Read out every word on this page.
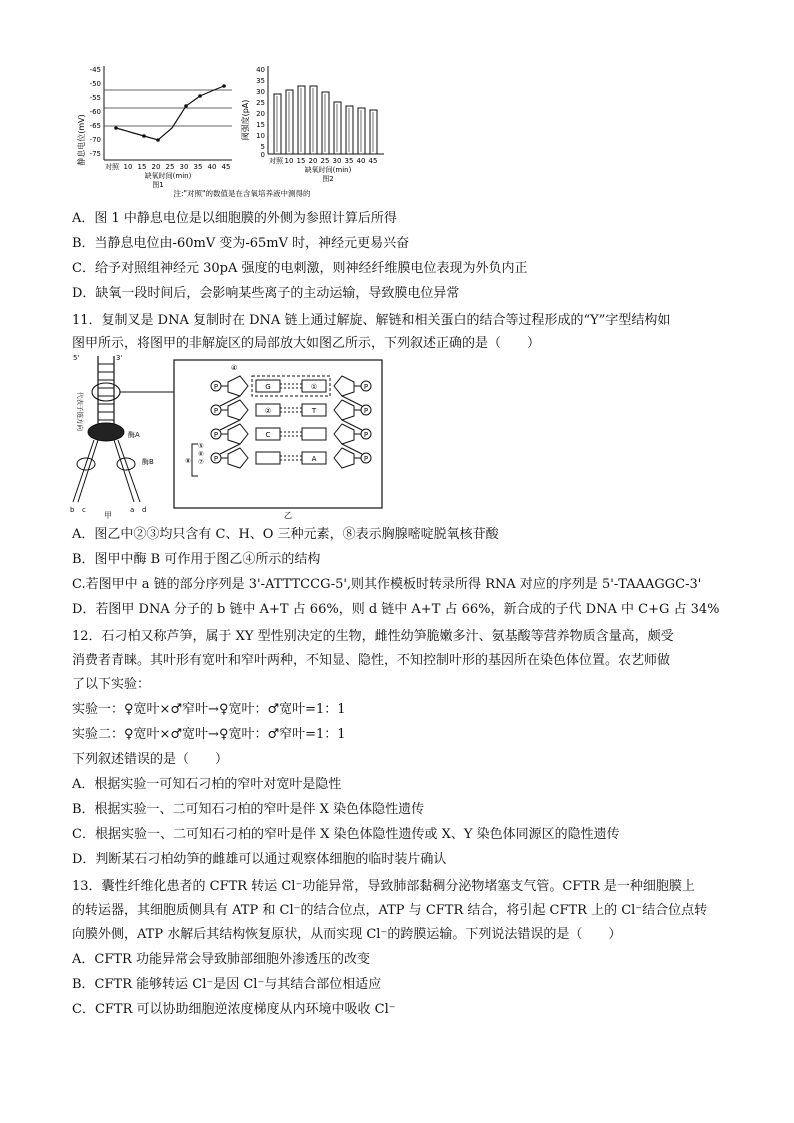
静息电位(mV)
-45
-50
-55
-60
-65
-70
-75
对照 10 15 20 25 30 35 40 45
缺氧时间(min)
图1
阈强度(pA)
40
35
30
25
20
15
10
5
0
对照 10 15 20 25 30 35 40 45
缺氧时间(min)
图2
注:"对照"的数值是在含氧培养液中测得的
A．图 1 中静息电位是以细胞膜的外侧为参照计算后所得
B．当静息电位由-60mV 变为-65mV 时，神经元更易兴奋
C．给予对照组神经元 30pA 强度的电刺激，则神经纤维膜电位表现为外负内正
D．缺氧一段时间后，会影响某些离子的主动运输，导致膜电位异常
11．复制叉是 DNA 复制时在 DNA 链上通过解旋、解链和相关蛋白的结合等过程形成的“Y”字型结构如
图甲所示，将图甲的非解旋区的局部放大如图乙所示，下列叙述正确的是（　　）
5'	3'
酶A
酶B
b c	a d
代表子链方向
甲
④
P
P
P
P
P
P
P
P
G
②
C
①
T
A
⑧
⑤
⑥
⑦
乙
A．图乙中②③均只含有 C、H、O 三种元素，⑧表示胸腺嘧啶脱氧核苷酸
B．图甲中酶 B 可作用于图乙④所示的结构
C.若图甲中 a 链的部分序列是 3'-ATTTCCG-5',则其作模板时转录所得 RNA 对应的序列是 5'-TAAAGGC-3'
D．若图甲 DNA 分子的 b 链中 A+T 占 66%，则 d 链中 A+T 占 66%，新合成的子代 DNA 中 C+G 占 34%
12．石刁柏又称芦笋，属于 XY 型性别决定的生物，雌性幼笋脆嫩多汁、氨基酸等营养物质含量高，颇受
消费者青睐。其叶形有宽叶和窄叶两种，不知显、隐性，不知控制叶形的基因所在染色体位置。农艺师做
了以下实验：
实验一：♀宽叶×♂窄叶→♀宽叶：♂宽叶=1：1
实验二：♀宽叶×♂宽叶→♀宽叶：♂窄叶=1：1
下列叙述错误的是（　　）
A．根据实验一可知石刁柏的窄叶对宽叶是隐性
B．根据实验一、二可知石刁柏的窄叶是伴 X 染色体隐性遗传
C．根据实验一、二可知石刁柏的窄叶是伴 X 染色体隐性遗传或 X、Y 染色体同源区的隐性遗传
D．判断某石刁柏幼笋的雌雄可以通过观察体细胞的临时装片确认
13．囊性纤维化患者的 CFTR 转运 Cl⁻功能异常，导致肺部黏稠分泌物堵塞支气管。CFTR 是一种细胞膜上
的转运器，其细胞质侧具有 ATP 和 Cl⁻的结合位点，ATP 与 CFTR 结合，将引起 CFTR 上的 Cl⁻结合位点转
向膜外侧，ATP 水解后其结构恢复原状，从而实现 Cl⁻的跨膜运输。下列说法错误的是（　　）
A．CFTR 功能异常会导致肺部细胞外渗透压的改变
B．CFTR 能够转运 Cl⁻是因 Cl⁻与其结合部位相适应
C．CFTR 可以协助细胞逆浓度梯度从内环境中吸收 Cl⁻
